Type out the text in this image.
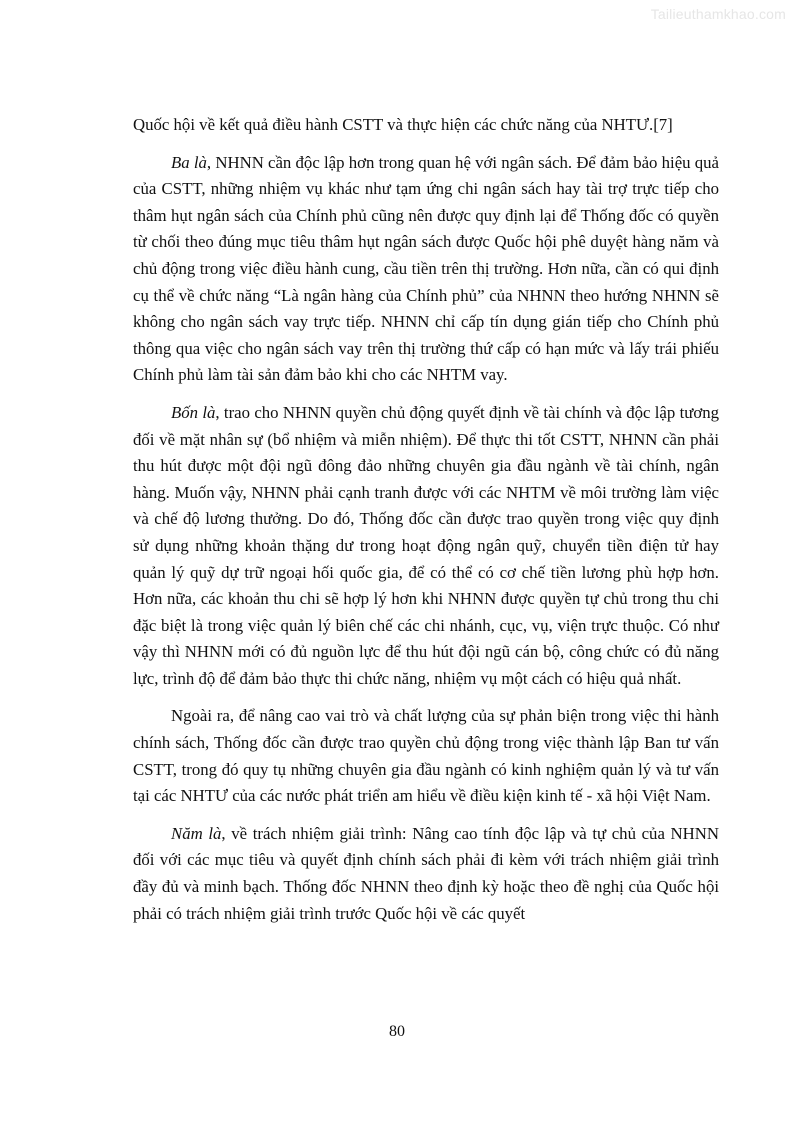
Tailieuthamkhao.com

Quốc hội về kết quả điều hành CSTT và thực hiện các chức năng của NHTƯ.[7]

Ba là, NHNN cần độc lập hơn trong quan hệ với ngân sách. Để đảm bảo hiệu quả của CSTT, những nhiệm vụ khác như tạm ứng chi ngân sách hay tài trợ trực tiếp cho thâm hụt ngân sách của Chính phủ cũng nên được quy định lại để Thống đốc có quyền từ chối theo đúng mục tiêu thâm hụt ngân sách được Quốc hội phê duyệt hàng năm và chủ động trong việc điều hành cung, cầu tiền trên thị trường. Hơn nữa, cần có qui định cụ thể về chức năng “Là ngân hàng của Chính phủ” của NHNN theo hướng NHNN sẽ không cho ngân sách vay trực tiếp. NHNN chỉ cấp tín dụng gián tiếp cho Chính phủ thông qua việc cho ngân sách vay trên thị trường thứ cấp có hạn mức và lấy trái phiếu Chính phủ làm tài sản đảm bảo khi cho các NHTM vay.

Bốn là, trao cho NHNN quyền chủ động quyết định về tài chính và độc lập tương đối về mặt nhân sự (bổ nhiệm và miễn nhiệm). Để thực thi tốt CSTT, NHNN cần phải thu hút được một đội ngũ đông đảo những chuyên gia đầu ngành về tài chính, ngân hàng. Muốn vậy, NHNN phải cạnh tranh được với các NHTM về môi trường làm việc và chế độ lương thưởng. Do đó, Thống đốc cần được trao quyền trong việc quy định sử dụng những khoản thặng dư trong hoạt động ngân quỹ, chuyển tiền điện tử hay quản lý quỹ dự trữ ngoại hối quốc gia, để có thể có cơ chế tiền lương phù hợp hơn. Hơn nữa, các khoản thu chi sẽ hợp lý hơn khi NHNN được quyền tự chủ trong thu chi đặc biệt là trong việc quản lý biên chế các chi nhánh, cục, vụ, viện trực thuộc. Có như vậy thì NHNN mới có đủ nguồn lực để thu hút đội ngũ cán bộ, công chức có đủ năng lực, trình độ để đảm bảo thực thi chức năng, nhiệm vụ một cách có hiệu quả nhất.

Ngoài ra, để nâng cao vai trò và chất lượng của sự phản biện trong việc thi hành chính sách, Thống đốc cần được trao quyền chủ động trong việc thành lập Ban tư vấn CSTT, trong đó quy tụ những chuyên gia đầu ngành có kinh nghiệm quản lý và tư vấn tại các NHTƯ của các nước phát triển am hiểu về điều kiện kinh tế - xã hội Việt Nam.

Năm là, về trách nhiệm giải trình: Nâng cao tính độc lập và tự chủ của NHNN đối với các mục tiêu và quyết định chính sách phải đi kèm với trách nhiệm giải trình đầy đủ và minh bạch. Thống đốc NHNN theo định kỳ hoặc theo đề nghị của Quốc hội phải có trách nhiệm giải trình trước Quốc hội về các quyết

80
